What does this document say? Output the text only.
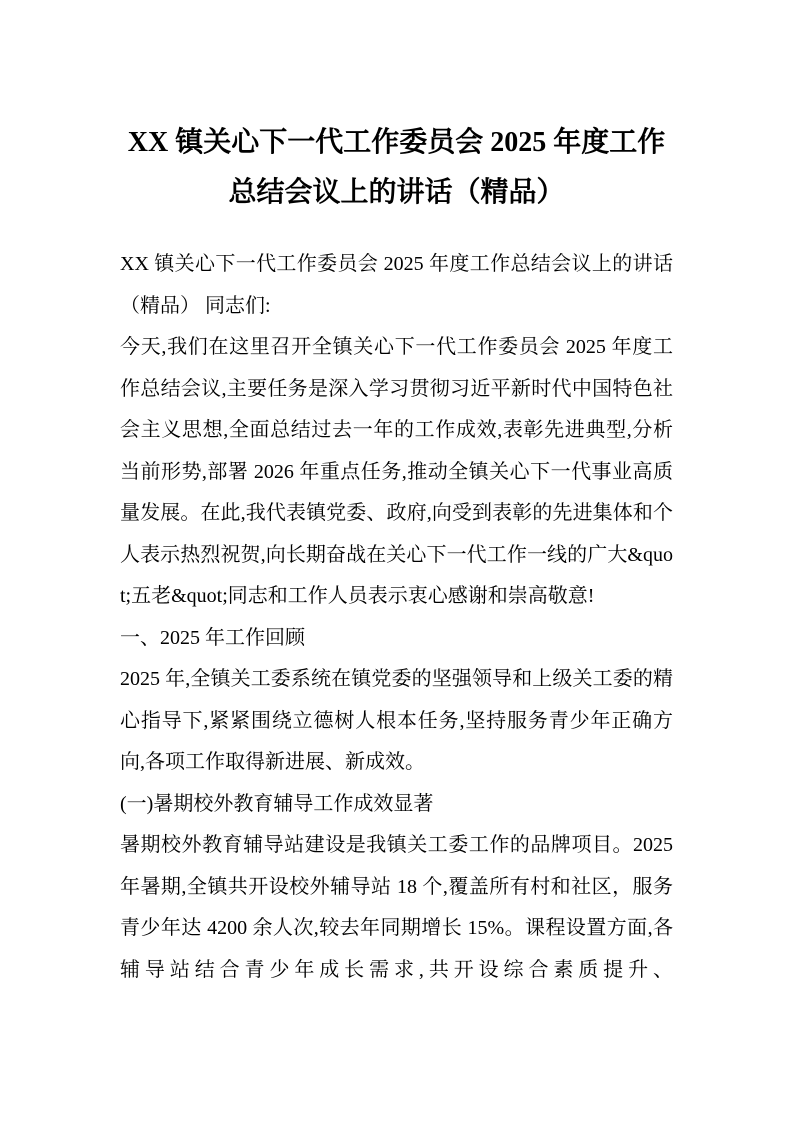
XX 镇关心下一代工作委员会 2025 年度工作总结会议上的讲话（精品）

XX 镇关心下一代工作委员会 2025 年度工作总结会议上的讲话（精品） 同志们:

今天,我们在这里召开全镇关心下一代工作委员会 2025 年度工作总结会议,主要任务是深入学习贯彻习近平新时代中国特色社会主义思想,全面总结过去一年的工作成效,表彰先进典型,分析当前形势,部署 2026 年重点任务,推动全镇关心下一代事业高质量发展。在此,我代表镇党委、政府,向受到表彰的先进集体和个人表示热烈祝贺,向长期奋战在关心下一代工作一线的广大&quot;五老&quot;同志和工作人员表示衷心感谢和崇高敬意!

一、2025 年工作回顾

2025 年,全镇关工委系统在镇党委的坚强领导和上级关工委的精心指导下,紧紧围绕立德树人根本任务,坚持服务青少年正确方向,各项工作取得新进展、新成效。

(一)暑期校外教育辅导工作成效显著

暑期校外教育辅导站建设是我镇关工委工作的品牌项目。2025 年暑期,全镇共开设校外辅导站 18 个,覆盖所有村和社区，服务青少年达 4200 余人次,较去年同期增长 15%。课程设置方面,各辅导站结合青少年成长需求,共开设综合素质提升、
